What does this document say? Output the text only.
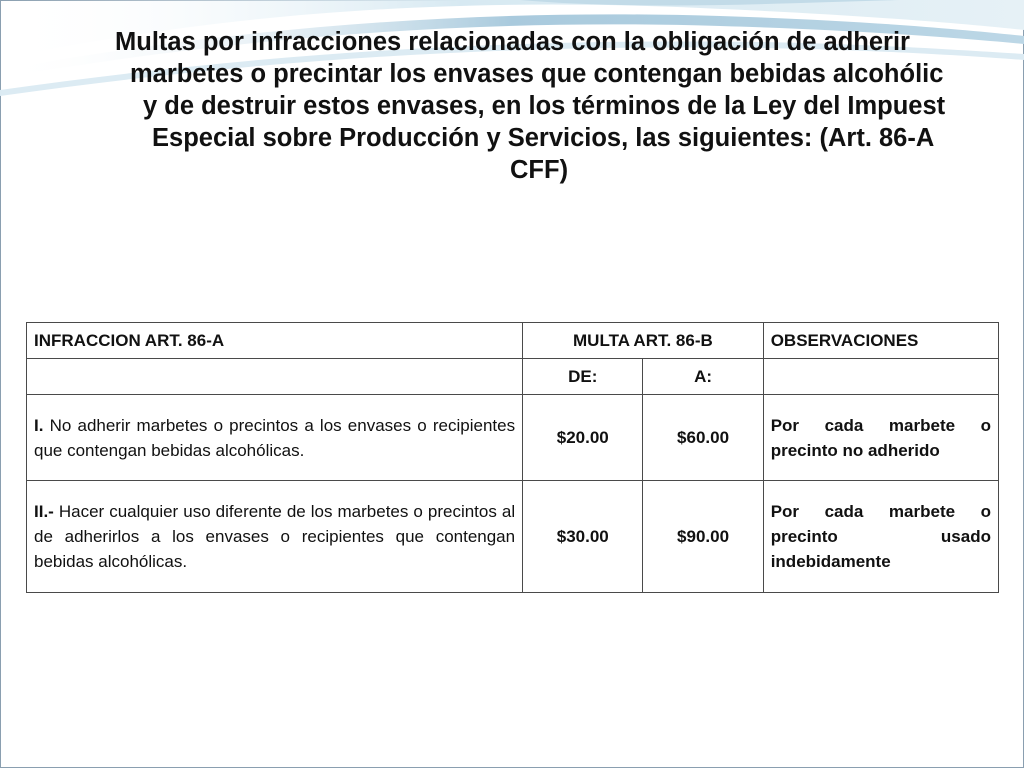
Multas por infracciones relacionadas con la obligación de adherir
marbetes o precintar los envases que contengan bebidas alcohólic
y de destruir estos envases, en los términos de la Ley del Impuest
Especial sobre Producción y Servicios, las siguientes: (Art. 86-A
CFF)
INFRACCION ART. 86-A	MULTA ART. 86-B		OBSERVACIONES
	DE:	A:	
I. No adherir marbetes o precintos a los envases o recipientes que contengan bebidas alcohólicas.	$20.00	$60.00	Por cada marbete o precinto no adherido
II.- Hacer cualquier uso diferente de los marbetes o precintos al de adherirlos a los envases o recipientes que contengan bebidas alcohólicas.	$30.00	$90.00	Por cada marbete o precinto usado indebidamente
